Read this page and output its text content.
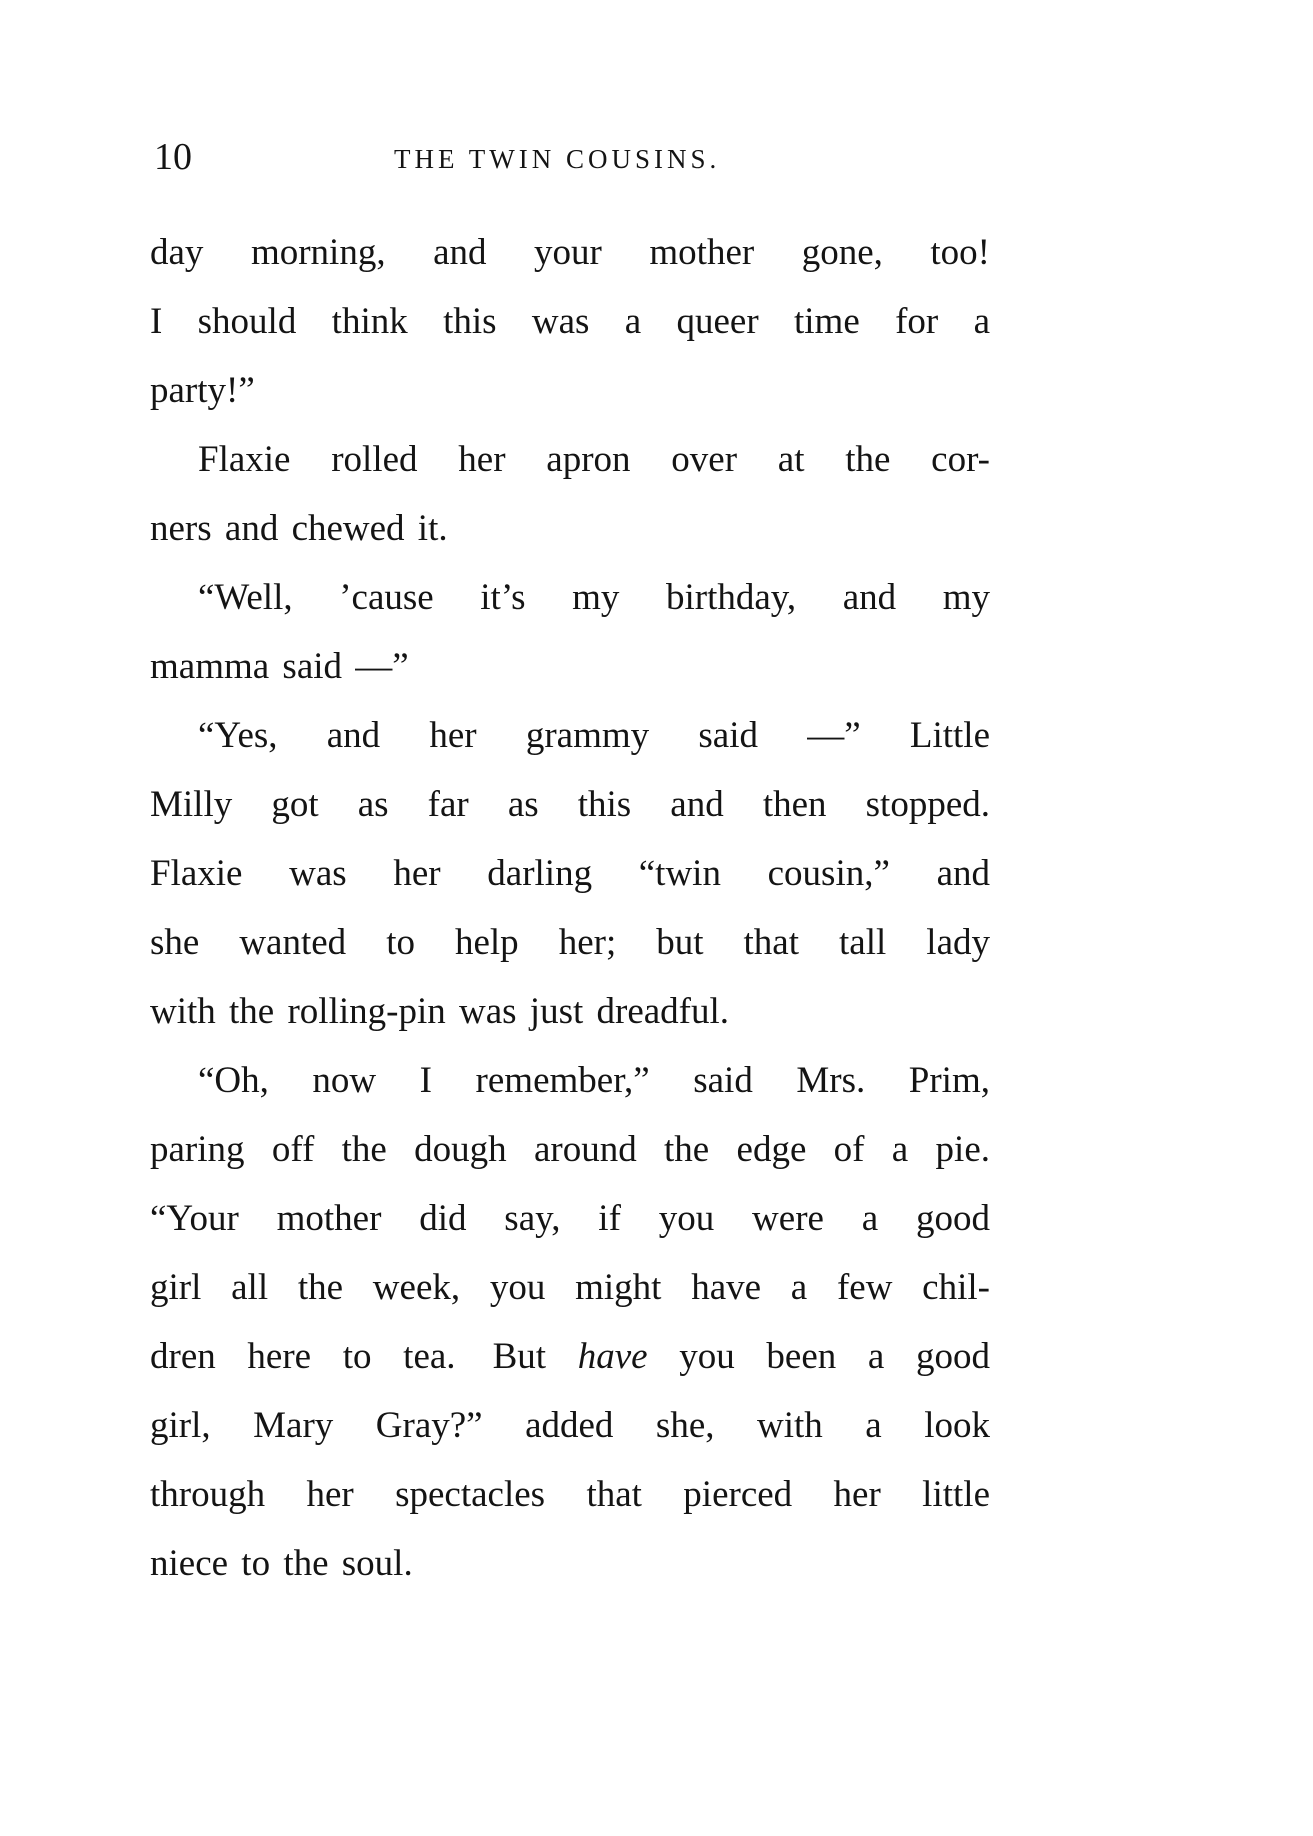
10	THE TWIN COUSINS.
day morning, and your mother gone, too!
I should think this was a queer time for a
party!”
Flaxie rolled her apron over at the cor-
ners and chewed it.
“Well, ’cause it’s my birthday, and my
mamma said —”
“Yes, and her grammy said —” Little
Milly got as far as this and then stopped.
Flaxie was her darling “twin cousin,” and
she wanted to help her; but that tall lady
with the rolling-pin was just dreadful.
“Oh, now I remember,” said Mrs. Prim,
paring off the dough around the edge of a pie.
“Your mother did say, if you were a good
girl all the week, you might have a few chil-
dren here to tea.  But have you been a good
girl, Mary Gray?” added she, with a look
through her spectacles that pierced her little
niece to the soul.
